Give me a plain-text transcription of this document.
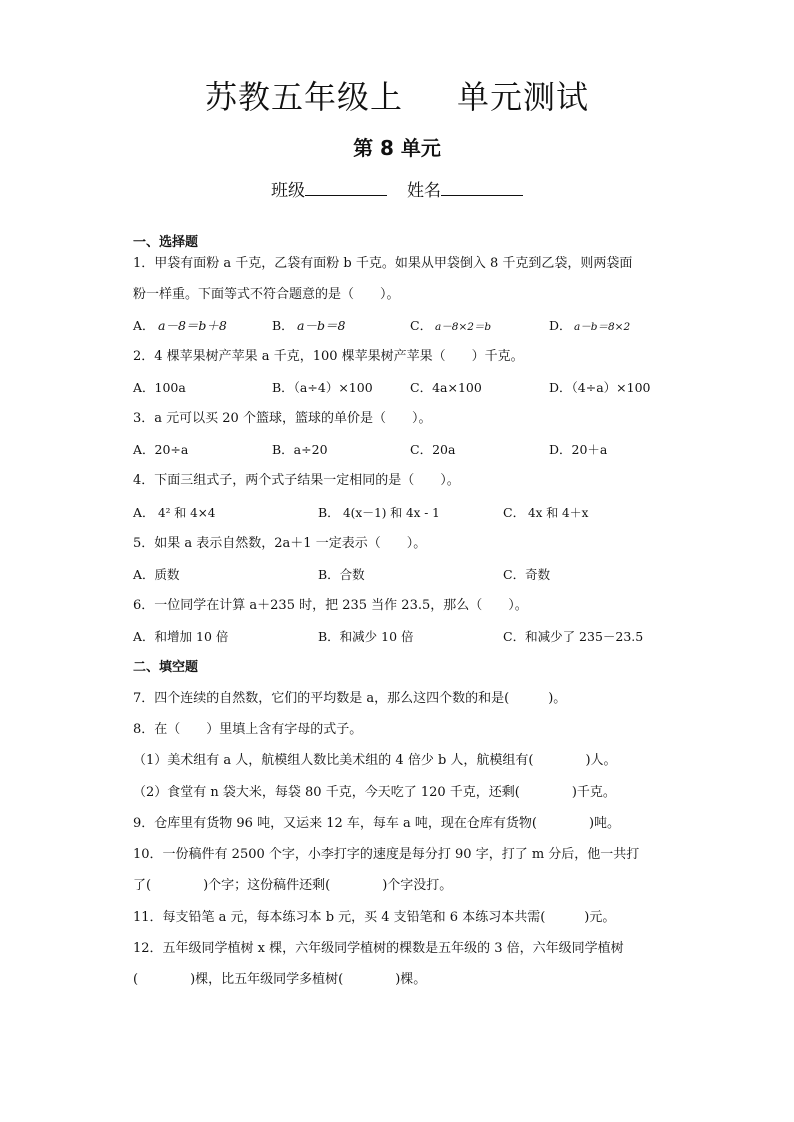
苏教五年级上 单元测试
第 8 单元
班级	姓名
一、选择题
1．甲袋有面粉 a 千克，乙袋有面粉 b 千克。如果从甲袋倒入 8 千克到乙袋，则两袋面
粉一样重。下面等式不符合题意的是（　　）。
A． a－8＝b＋8	B． a－b＝8	C． a－8×2＝b	D． a－b＝8×2
2．4 棵苹果树产苹果 a 千克，100 棵苹果树产苹果（　　）千克。
A．100a	B．（a÷4）×100	C．4a×100	D．（4÷a）×100
3．a 元可以买 20 个篮球，篮球的单价是（　　）。
A．20÷a	B．a÷20	C．20a	D．20＋a
4．下面三组式子，两个式子结果一定相同的是（　　）。
A． 4² 和 4×4	B． 4(x－1) 和 4x - 1	C． 4x 和 4＋x
5．如果 a 表示自然数，2a＋1 一定表示（　　）。
A．质数	B．合数	C．奇数
6．一位同学在计算 a＋235 时，把 235 当作 23.5，那么（　　）。
A．和增加 10 倍	B．和减少 10 倍	C．和减少了 235－23.5
二、填空题
7．四个连续的自然数，它们的平均数是 a，那么这四个数的和是(　　　)。
8．在（　　）里填上含有字母的式子。
（1）美术组有 a 人，航模组人数比美术组的 4 倍少 b 人，航模组有(　　　　)人。
（2）食堂有 n 袋大米，每袋 80 千克，今天吃了 120 千克，还剩(　　　　)千克。
9．仓库里有货物 96 吨，又运来 12 车，每车 a 吨，现在仓库有货物(　　　　)吨。
10．一份稿件有 2500 个字，小李打字的速度是每分打 90 字，打了 m 分后，他一共打
了(　　　　)个字；这份稿件还剩(　　　　)个字没打。
11．每支铅笔 a 元，每本练习本 b 元，买 4 支铅笔和 6 本练习本共需(　　　)元。
12．五年级同学植树 x 棵，六年级同学植树的棵数是五年级的 3 倍，六年级同学植树
(　　　　)棵，比五年级同学多植树(　　　　)棵。
